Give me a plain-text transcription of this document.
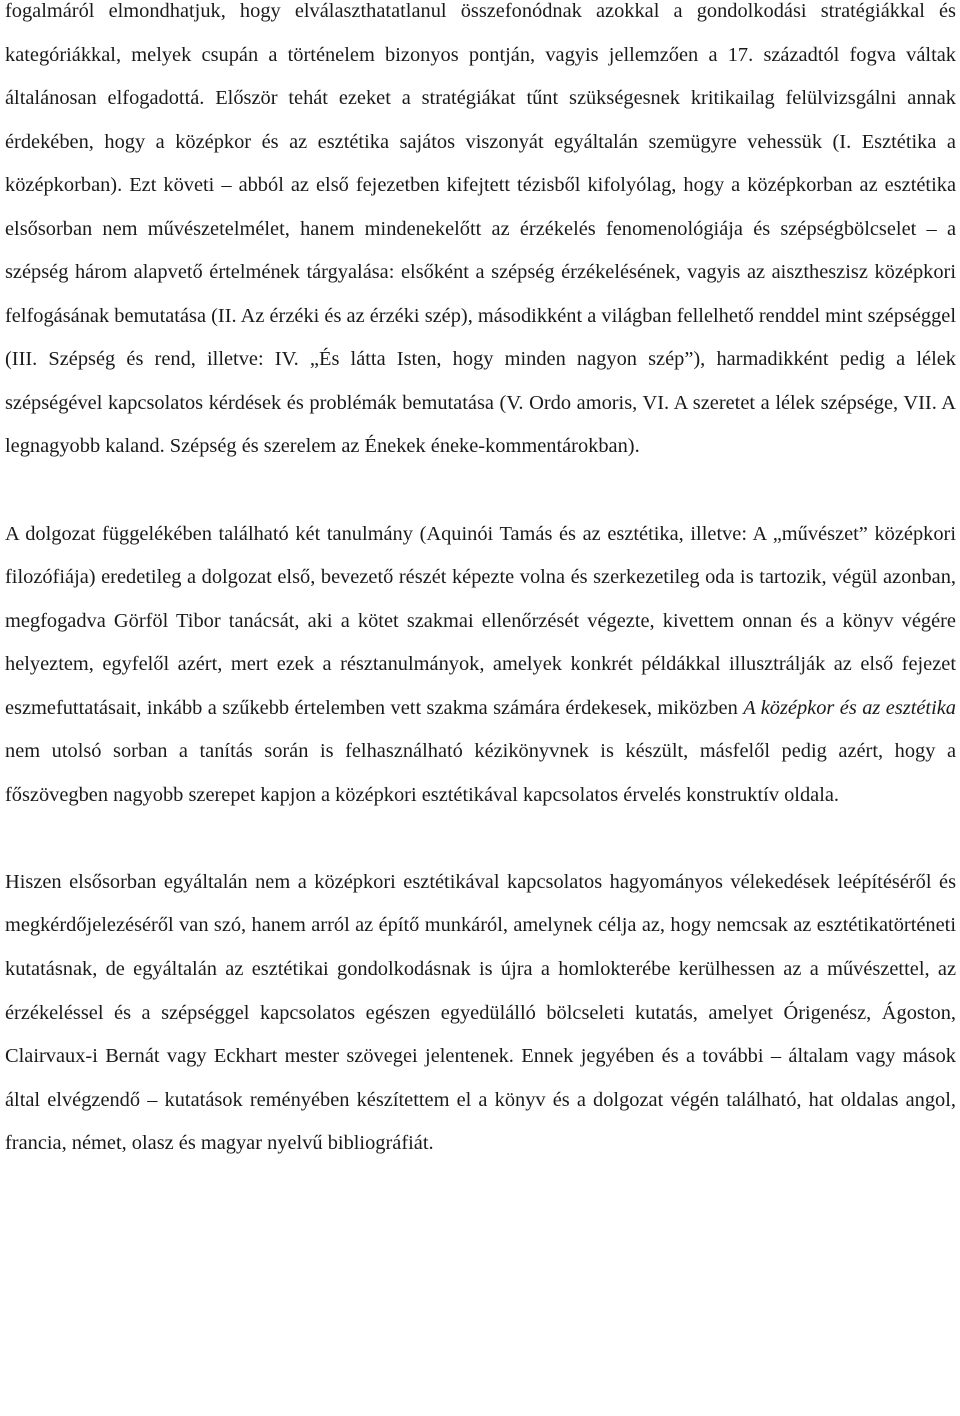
fogalmáról elmondhatjuk, hogy elválaszthatatlanul összefonódnak azokkal a gondolkodási stratégiákkal és kategóriákkal, melyek csupán a történelem bizonyos pontján, vagyis jellemzően a 17. századtól fogva váltak általánosan elfogadottá. Először tehát ezeket a stratégiákat tűnt szükségesnek kritikailag felülvizsgálni annak érdekében, hogy a középkor és az esztétika sajátos viszonyát egyáltalán szemügyre vehessük (I. Esztétika a középkorban). Ezt követi – abból az első fejezetben kifejtett tézisből kifolyólag, hogy a középkorban az esztétika elsősorban nem művészetelmélet, hanem mindenekelőtt az érzékelés fenomenológiája és szépségbölcselet – a szépség három alapvető értelmének tárgyalása: elsőként a szépség érzékelésének, vagyis az aisztheszisz középkori felfogásának bemutatása (II. Az érzéki és az érzéki szép), másodikként a világban fellelhető renddel mint szépséggel (III. Szépség és rend, illetve: IV. „És látta Isten, hogy minden nagyon szép”), harmadikként pedig a lélek szépségével kapcsolatos kérdések és problémák bemutatása (V. Ordo amoris, VI. A szeretet a lélek szépsége, VII. A legnagyobb kaland. Szépség és szerelem az Énekek éneke-kommentárokban).

A dolgozat függelékében található két tanulmány (Aquinói Tamás és az esztétika, illetve: A „művészet” középkori filozófiája) eredetileg a dolgozat első, bevezető részét képezte volna és szerkezetileg oda is tartozik, végül azonban, megfogadva Görföl Tibor tanácsát, aki a kötet szakmai ellenőrzését végezte, kivettem onnan és a könyv végére helyeztem, egyfelől azért, mert ezek a résztanulmányok, amelyek konkrét példákkal illusztrálják az első fejezet eszmefuttatásait, inkább a szűkebb értelemben vett szakma számára érdekesek, miközben A középkor és az esztétika nem utolsó sorban a tanítás során is felhasználható kézikönyvnek is készült, másfelől pedig azért, hogy a főszövegben nagyobb szerepet kapjon a középkori esztétikával kapcsolatos érvelés konstruktív oldala.

Hiszen elsősorban egyáltalán nem a középkori esztétikával kapcsolatos hagyományos vélekedések leépítéséről és megkérdőjelezéséről van szó, hanem arról az építő munkáról, amelynek célja az, hogy nemcsak az esztétikatörténeti kutatásnak, de egyáltalán az esztétikai gondolkodásnak is újra a homlokterébe kerülhessen az a művészettel, az érzékeléssel és a szépséggel kapcsolatos egészen egyedülálló bölcseleti kutatás, amelyet Órigenész, Ágoston, Clairvaux-i Bernát vagy Eckhart mester szövegei jelentenek. Ennek jegyében és a további – általam vagy mások által elvégzendő – kutatások reményében készítettem el a könyv és a dolgozat végén található, hat oldalas angol, francia, német, olasz és magyar nyelvű bibliográfiát.
